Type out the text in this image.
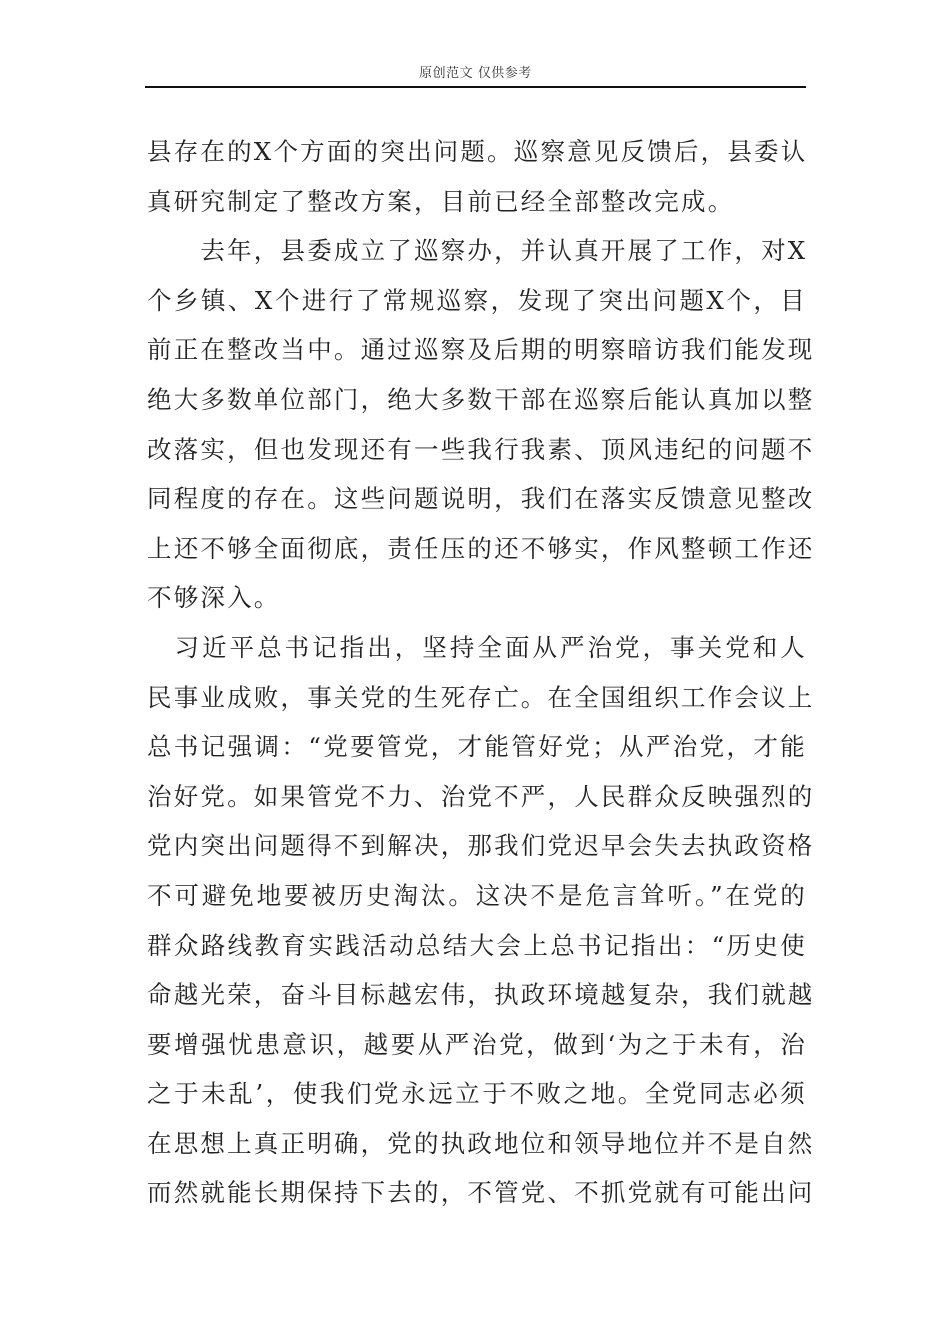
原创范文 仅供参考
县存在的X个方面的突出问题。巡察意见反馈后，县委认
真研究制定了整改方案，目前已经全部整改完成。
　　去年，县委成立了巡察办，并认真开展了工作，对X
个乡镇、X个进行了常规巡察，发现了突出问题X个，目
前正在整改当中。通过巡察及后期的明察暗访我们能发现
绝大多数单位部门，绝大多数干部在巡察后能认真加以整
改落实，但也发现还有一些我行我素、顶风违纪的问题不
同程度的存在。这些问题说明，我们在落实反馈意见整改
上还不够全面彻底，责任压的还不够实，作风整顿工作还
不够深入。
　习近平总书记指出，坚持全面从严治党，事关党和人
民事业成败，事关党的生死存亡。在全国组织工作会议上
总书记强调：“党要管党，才能管好党；从严治党，才能
治好党。如果管党不力、治党不严，人民群众反映强烈的
党内突出问题得不到解决，那我们党迟早会失去执政资格
不可避免地要被历史淘汰。这决不是危言耸听。”在党的
群众路线教育实践活动总结大会上总书记指出：“历史使
命越光荣，奋斗目标越宏伟，执政环境越复杂，我们就越
要增强忧患意识，越要从严治党，做到‘为之于未有，治
之于未乱’，使我们党永远立于不败之地。全党同志必须
在思想上真正明确，党的执政地位和领导地位并不是自然
而然就能长期保持下去的，不管党、不抓党就有可能出问
